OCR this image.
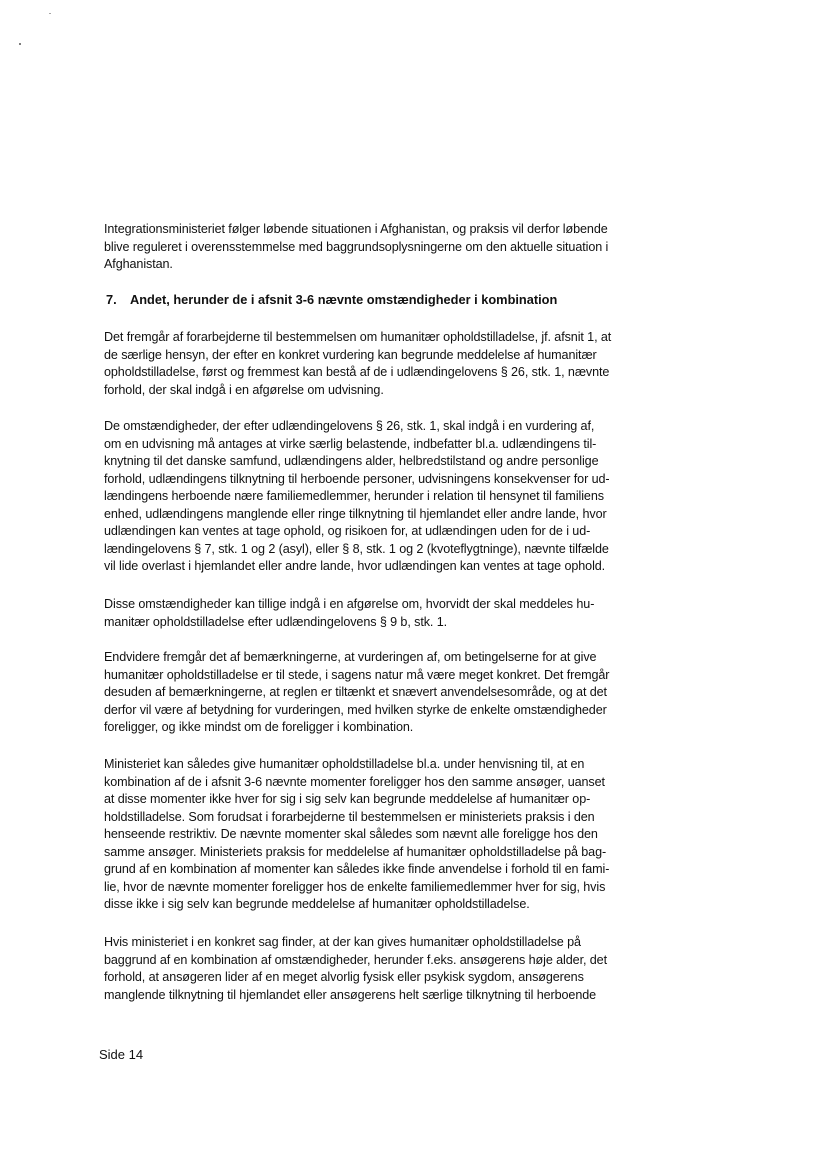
Integrationsministeriet følger løbende situationen i Afghanistan, og praksis vil derfor løbende
blive reguleret i overensstemmelse med baggrundsoplysningerne om den aktuelle situation i
Afghanistan.
7. Andet, herunder de i afsnit 3-6 nævnte omstændigheder i kombination
Det fremgår af forarbejderne til bestemmelsen om humanitær opholdstilladelse, jf. afsnit 1, at
de særlige hensyn, der efter en konkret vurdering kan begrunde meddelelse af humanitær
opholdstilladelse, først og fremmest kan bestå af de i udlændingelovens § 26, stk. 1, nævnte
forhold, der skal indgå i en afgørelse om udvisning.
De omstændigheder, der efter udlændingelovens § 26, stk. 1, skal indgå i en vurdering af,
om en udvisning må antages at virke særlig belastende, indbefatter bl.a. udlændingens til-
knytning til det danske samfund, udlændingens alder, helbredstilstand og andre personlige
forhold, udlændingens tilknytning til herboende personer, udvisningens konsekvenser for ud-
lændingens herboende nære familiemedlemmer, herunder i relation til hensynet til familiens
enhed, udlændingens manglende eller ringe tilknytning til hjemlandet eller andre lande, hvor
udlændingen kan ventes at tage ophold, og risikoen for, at udlændingen uden for de i ud-
lændingelovens § 7, stk. 1 og 2 (asyl), eller § 8, stk. 1 og 2 (kvoteflygtninge), nævnte tilfælde
vil lide overlast i hjemlandet eller andre lande, hvor udlændingen kan ventes at tage ophold.
Disse omstændigheder kan tillige indgå i en afgørelse om, hvorvidt der skal meddeles hu-
manitær opholdstilladelse efter udlændingelovens § 9 b, stk. 1.
Endvidere fremgår det af bemærkningerne, at vurderingen af, om betingelserne for at give
humanitær opholdstilladelse er til stede, i sagens natur må være meget konkret. Det fremgår
desuden af bemærkningerne, at reglen er tiltænkt et snævert anvendelsesområde, og at det
derfor vil være af betydning for vurderingen, med hvilken styrke de enkelte omstændigheder
foreligger, og ikke mindst om de foreligger i kombination.
Ministeriet kan således give humanitær opholdstilladelse bl.a. under henvisning til, at en
kombination af de i afsnit 3-6 nævnte momenter foreligger hos den samme ansøger, uanset
at disse momenter ikke hver for sig i sig selv kan begrunde meddelelse af humanitær op-
holdstilladelse. Som forudsat i forarbejderne til bestemmelsen er ministeriets praksis i den
henseende restriktiv. De nævnte momenter skal således som nævnt alle foreligge hos den
samme ansøger. Ministeriets praksis for meddelelse af humanitær opholdstilladelse på bag-
grund af en kombination af momenter kan således ikke finde anvendelse i forhold til en fami-
lie, hvor de nævnte momenter foreligger hos de enkelte familiemedlemmer hver for sig, hvis
disse ikke i sig selv kan begrunde meddelelse af humanitær opholdstilladelse.
Hvis ministeriet i en konkret sag finder, at der kan gives humanitær opholdstilladelse på
baggrund af en kombination af omstændigheder, herunder f.eks. ansøgerens høje alder, det
forhold, at ansøgeren lider af en meget alvorlig fysisk eller psykisk sygdom, ansøgerens
manglende tilknytning til hjemlandet eller ansøgerens helt særlige tilknytning til herboende
Side 14
